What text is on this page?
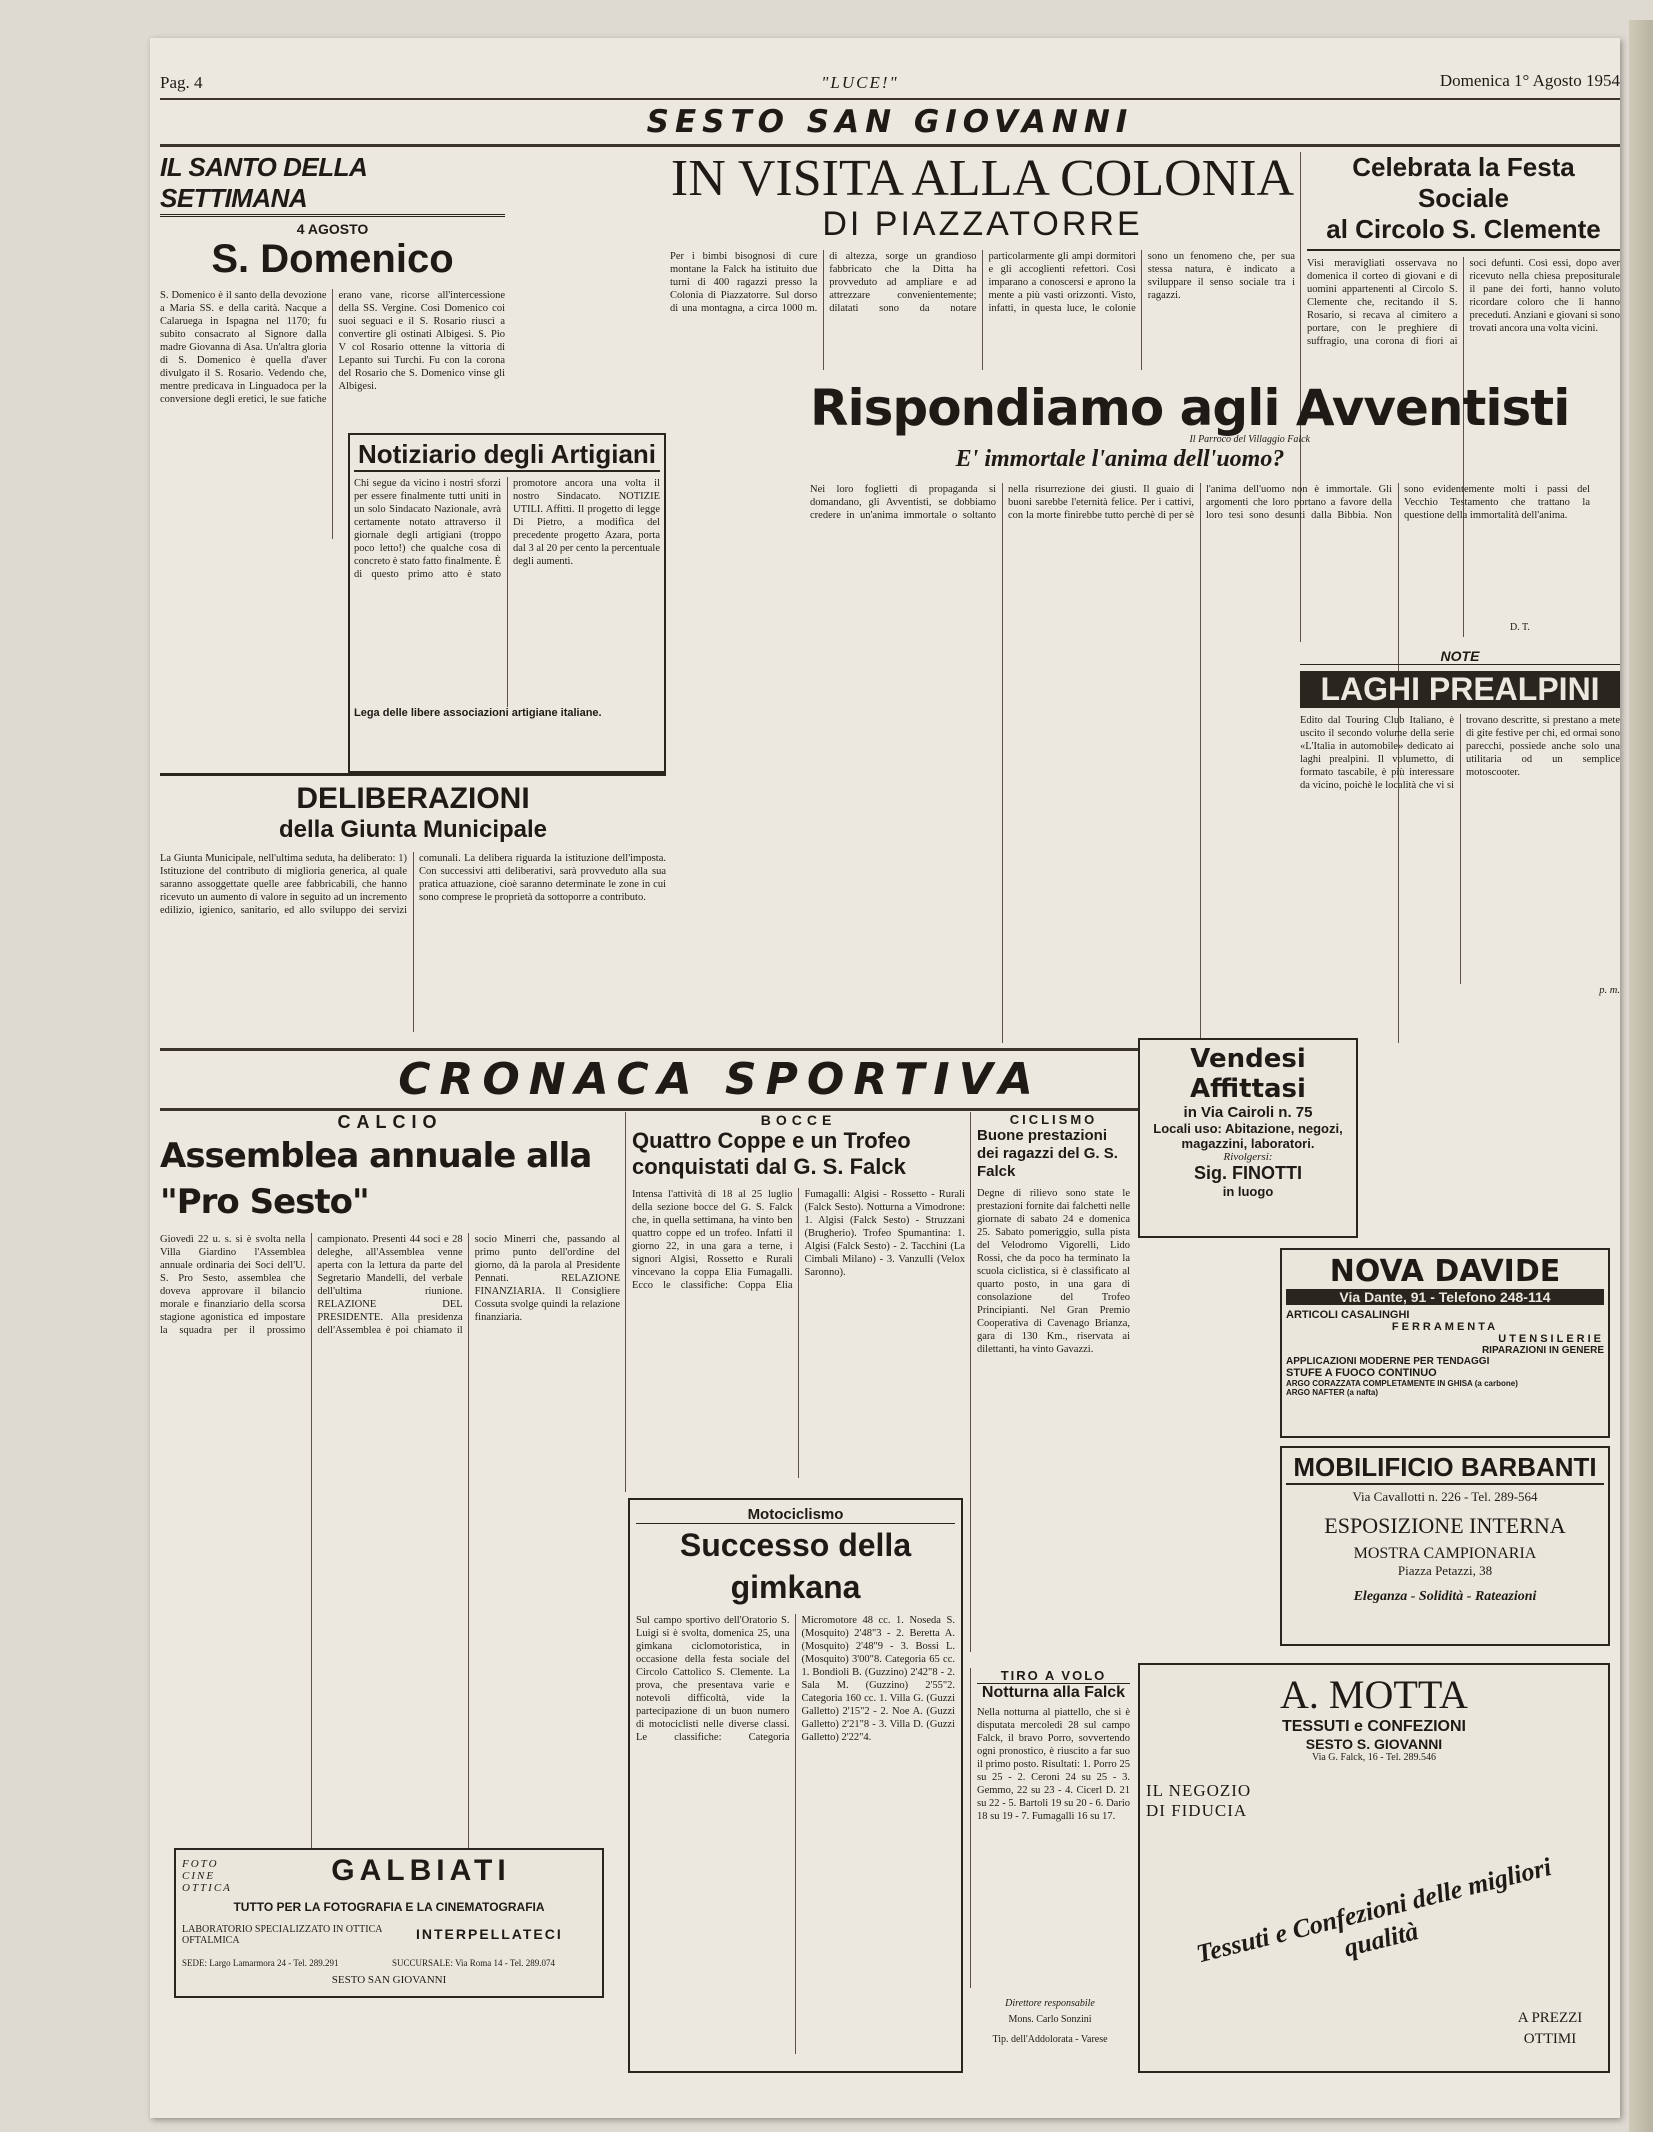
Pag. 4	"LUCE!"	Domenica 1° Agosto 1954
SESTO SAN GIOVANNI
IL SANTO DELLA SETTIMANA
4 AGOSTO
S. Domenico
S. Domenico è il santo della devozione a Maria SS. e della carità. Nacque a Calaruega in Ispagna nel 1170; fu subito consacrato al Signore dalla madre Giovanna di Asa. Un'altra gloria di S. Domenico è quella d'aver divulgato il S. Rosario. Vedendo che, mentre predicava in Linguadoca per la conversione degli eretici, le sue fatiche erano vane, ricorse all'intercessione della SS. Vergine. Così Domenico coi suoi seguaci e il S. Rosario riuscì a convertire gli ostinati Albigesi. S. Pio V col Rosario ottenne la vittoria di Lepanto sui Turchi. Fu con la corona del Rosario che S. Domenico vinse gli Albigesi.
Notiziario degli Artigiani
Chi segue da vicino i nostri sforzi per essere finalmente tutti uniti in un solo Sindacato Nazionale, avrà certamente notato attraverso il giornale degli artigiani (troppo poco letto!) che qualche cosa di concreto è stato fatto finalmente. È di questo primo atto è stato promotore ancora una volta il nostro Sindacato. NOTIZIE UTILI. Affitti. Il progetto di legge Di Pietro, a modifica del precedente progetto Azara, porta dal 3 al 20 per cento la percentuale degli aumenti.
Lega delle libere associazioni artigiane italiane.
DELIBERAZIONI
della Giunta Municipale
La Giunta Municipale, nell'ultima seduta, ha deliberato: 1) Istituzione del contributo di miglioria generica, al quale saranno assoggettate quelle aree fabbricabili, che hanno ricevuto un aumento di valore in seguito ad un incremento edilizio, igienico, sanitario, ed allo sviluppo dei servizi comunali. La delibera riguarda la istituzione dell'imposta. Con successivi atti deliberativi, sarà provveduto alla sua pratica attuazione, cioè saranno determinate le zone in cui sono comprese le proprietà da sottoporre a contributo.
IN VISITA ALLA COLONIA
DI PIAZZATORRE
Per i bimbi bisognosi di cure montane la Falck ha istituito due turni di 400 ragazzi presso la Colonia di Piazzatorre. Sul dorso di una montagna, a circa 1000 m. di altezza, sorge un grandioso fabbricato che la Ditta ha provveduto ad ampliare e ad attrezzare convenientemente; dilatati sono da notare particolarmente gli ampi dormitori e gli accoglienti refettori. Così imparano a conoscersi e aprono la mente a più vasti orizzonti. Visto, infatti, in questa luce, le colonie sono un fenomeno che, per sua stessa natura, è indicato a sviluppare il senso sociale tra i ragazzi.
Celebrata la Festa Sociale
al Circolo S. Clemente
Visi meravigliati osservava no domenica il corteo di giovani e di uomini appartenenti al Circolo S. Clemente che, recitando il S. Rosario, si recava al cimitero a portare, con le preghiere di suffragio, una corona di fiori ai soci defunti. Così essi, dopo aver ricevuto nella chiesa prepositurale il pane dei forti, hanno voluto ricordare coloro che li hanno preceduti. Anziani e giovani si sono trovati ancora una volta vicini.
Rispondiamo agli Avventisti
E' immortale l'anima dell'uomo?
Nei loro foglietti di propaganda si domandano, gli Avventisti, se dobbiamo credere in un'anima immortale o soltanto nella risurrezione dei giusti. Il guaio di buoni sarebbe l'eternità felice. Per i cattivi, con la morte finirebbe tutto perchè di per sè l'anima dell'uomo non è immortale. Gli argomenti che loro portano a favore della loro tesi sono desunti dalla Bibbia. Non sono evidentemente molti i passi del Vecchio Testamento che trattano la questione della immortalità dell'anima.
Il Parroco del Villaggio Falck
D. T.
NOTE
LAGHI PREALPINI
Edito dal Touring Club Italiano, è uscito il secondo volume della serie «L'Italia in automobile» dedicato ai laghi prealpini. Il volumetto, di formato tascabile, è più interessare da vicino, poichè le località che vi si trovano descritte, si prestano a mete di gite festive per chi, ed ormai sono parecchi, possiede anche solo una utilitaria od un semplice motoscooter.
p. m.
CRONACA SPORTIVA
CALCIO
Assemblea annuale alla "Pro Sesto"
Giovedì 22 u. s. si è svolta nella Villa Giardino l'Assemblea annuale ordinaria dei Soci dell'U. S. Pro Sesto, assemblea che doveva approvare il bilancio morale e finanziario della scorsa stagione agonistica ed impostare la squadra per il prossimo campionato. Presenti 44 soci e 28 deleghe, all'Assemblea venne aperta con la lettura da parte del Segretario Mandelli, del verbale dell'ultima riunione. RELAZIONE DEL PRESIDENTE. Alla presidenza dell'Assemblea è poi chiamato il socio Minerri che, passando al primo punto dell'ordine del giorno, dà la parola al Presidente Pennati. RELAZIONE FINANZIARIA. Il Consigliere Cossuta svolge quindi la relazione finanziaria.
FOTO CINE OTTICA
GALBIATI
TUTTO PER LA FOTOGRAFIA E LA CINEMATOGRAFIA
LABORATORIO SPECIALIZZATO IN OTTICA OFTALMICA	INTERPELLATECI
SEDE: Largo Lamarmora 24 - Tel. 289.291	SUCCURSALE: Via Roma 14 - Tel. 289.074
SESTO SAN GIOVANNI
BOCCE
Quattro Coppe e un Trofeo conquistati dal G. S. Falck
Intensa l'attività di 18 al 25 luglio della sezione bocce del G. S. Falck che, in quella settimana, ha vinto ben quattro coppe ed un trofeo. Infatti il giorno 22, in una gara a terne, i signori Algisi, Rossetto e Rurali vincevano la coppa Elia Fumagalli. Ecco le classifiche: Coppa Elia Fumagalli: Algisi - Rossetto - Rurali (Falck Sesto). Notturna a Vimodrone: 1. Algisi (Falck Sesto) - Struzzani (Brugherio). Trofeo Spumantina: 1. Algisi (Falck Sesto) - 2. Tacchini (La Cimbali Milano) - 3. Vanzulli (Velox Saronno).
CICLISMO
Buone prestazioni dei ragazzi del G. S. Falck
Degne di rilievo sono state le prestazioni fornite dai falchetti nelle giornate di sabato 24 e domenica 25. Sabato pomeriggio, sulla pista del Velodromo Vigorelli, Lido Rossi, che da poco ha terminato la scuola ciclistica, si è classificato al quarto posto, in una gara di consolazione del Trofeo Principianti. Nel Gran Premio Cooperativa di Cavenago Brianza, gara di 130 Km., riservata ai dilettanti, ha vinto Gavazzi.
Motociclismo
Successo della gimkana
Sul campo sportivo dell'Oratorio S. Luigi si è svolta, domenica 25, una gimkana ciclomotoristica, in occasione della festa sociale del Circolo Cattolico S. Clemente. La prova, che presentava varie e notevoli difficoltà, vide la partecipazione di un buon numero di motociclisti nelle diverse classi. Le classifiche: Categoria Micromotore 48 cc. 1. Noseda S. (Mosquito) 2'48"3 - 2. Beretta A. (Mosquito) 2'48"9 - 3. Bossi L. (Mosquito) 3'00"8. Categoria 65 cc. 1. Bondioli B. (Guzzino) 2'42"8 - 2. Sala M. (Guzzino) 2'55"2. Categoria 160 cc. 1. Villa G. (Guzzi Galletto) 2'15"2 - 2. Noe A. (Guzzi Galletto) 2'21"8 - 3. Villa D. (Guzzi Galletto) 2'22"4.
Direttore responsabile
Mons. Carlo Sonzini
Tip. dell'Addolorata - Varese
TIRO A VOLO
Notturna alla Falck
Nella notturna al piattello, che si è disputata mercoledì 28 sul campo Falck, il bravo Porro, sovvertendo ogni pronostico, è riuscito a far suo il primo posto. Risultati: 1. Porro 25 su 25 - 2. Ceroni 24 su 25 - 3. Gemmo, 22 su 23 - 4. Cicerl D. 21 su 22 - 5. Bartoli 19 su 20 - 6. Dario 18 su 19 - 7. Fumagalli 16 su 17.
Vendesi
Affittasi
in Via Cairoli n. 75
Locali uso: Abitazione, negozi, magazzini, laboratori.
Rivolgersi:
Sig. FINOTTI
in luogo
NOVA DAVIDE
Via Dante, 91 - Telefono 248-114
ARTICOLI CASALINGHI
FERRAMENTA
UTENSILERIE
RIPARAZIONI IN GENERE
APPLICAZIONI MODERNE PER TENDAGGI
STUFE A FUOCO CONTINUO
ARGO CORAZZATA COMPLETAMENTE IN GHISA (a carbone)
ARGO NAFTER (a nafta)
MOBILIFICIO BARBANTI
Via Cavallotti n. 226 - Tel. 289-564
ESPOSIZIONE INTERNA
MOSTRA CAMPIONARIA
Piazza Petazzi, 38
Eleganza - Solidità - Rateazioni
A. MOTTA
TESSUTI e CONFEZIONI
SESTO S. GIOVANNI
Via G. Falck, 16 - Tel. 289.546
IL NEGOZIO
DI FIDUCIA
Tessuti e Confezioni delle migliori qualità
A PREZZI
OTTIMI
